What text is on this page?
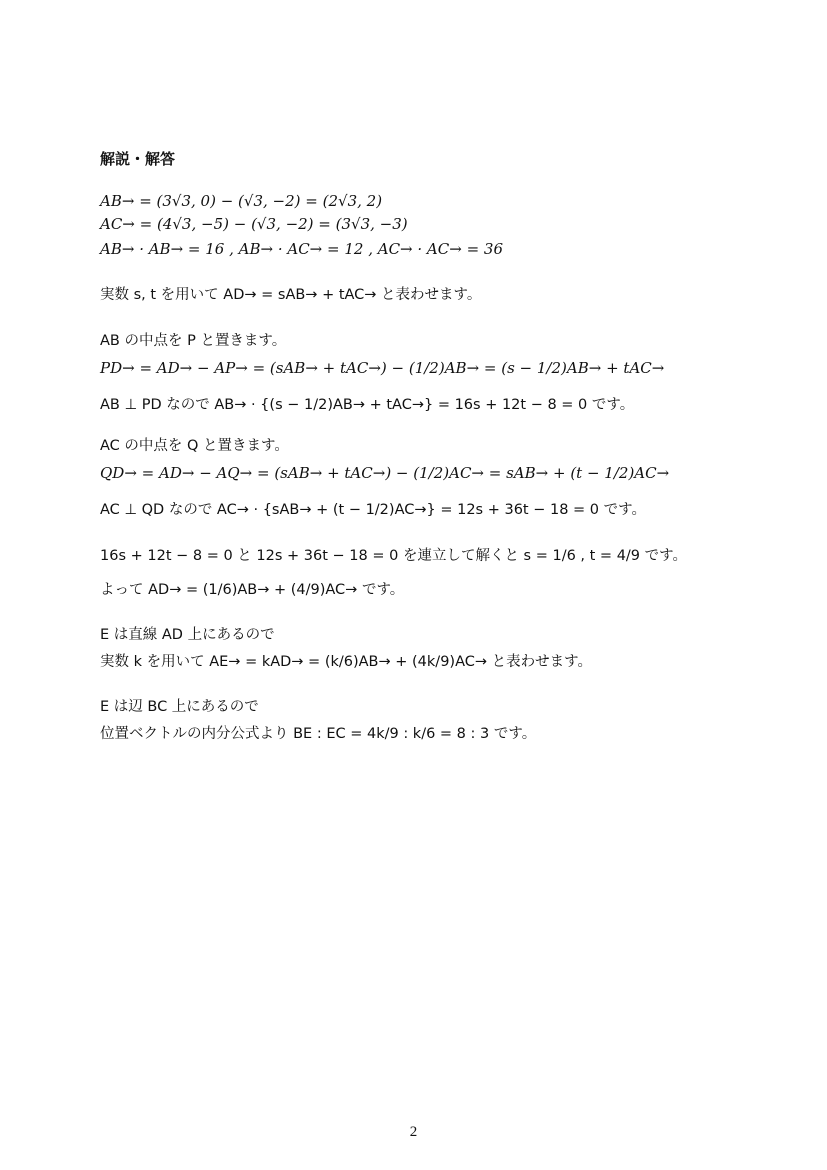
解説・解答
AB→ = (3√3, 0) − (√3, −2) = (2√3, 2)
AC→ = (4√3, −5) − (√3, −2) = (3√3, −3)
AB→ · AB→ = 16 , AB→ · AC→ = 12 , AC→ · AC→ = 36
実数 s, t を用いて AD→ = sAB→ + tAC→ と表わせます。
AB の中点を P と置きます。
PD→ = AD→ − AP→ = (sAB→ + tAC→) − (1/2)AB→ = (s − 1/2)AB→ + tAC→
AB ⊥ PD なので AB→ · {(s − 1/2)AB→ + tAC→} = 16s + 12t − 8 = 0 です。
AC の中点を Q と置きます。
QD→ = AD→ − AQ→ = (sAB→ + tAC→) − (1/2)AC→ = sAB→ + (t − 1/2)AC→
AC ⊥ QD なので AC→ · {sAB→ + (t − 1/2)AC→} = 12s + 36t − 18 = 0 です。
16s + 12t − 8 = 0 と 12s + 36t − 18 = 0 を連立して解くと s = 1/6 , t = 4/9 です。
よって AD→ = (1/6)AB→ + (4/9)AC→ です。
E は直線 AD 上にあるので
実数 k を用いて AE→ = kAD→ = (k/6)AB→ + (4k/9)AC→ と表わせます。
E は辺 BC 上にあるので
位置ベクトルの内分公式より BE : EC = 4k/9 : k/6 = 8 : 3 です。
2
